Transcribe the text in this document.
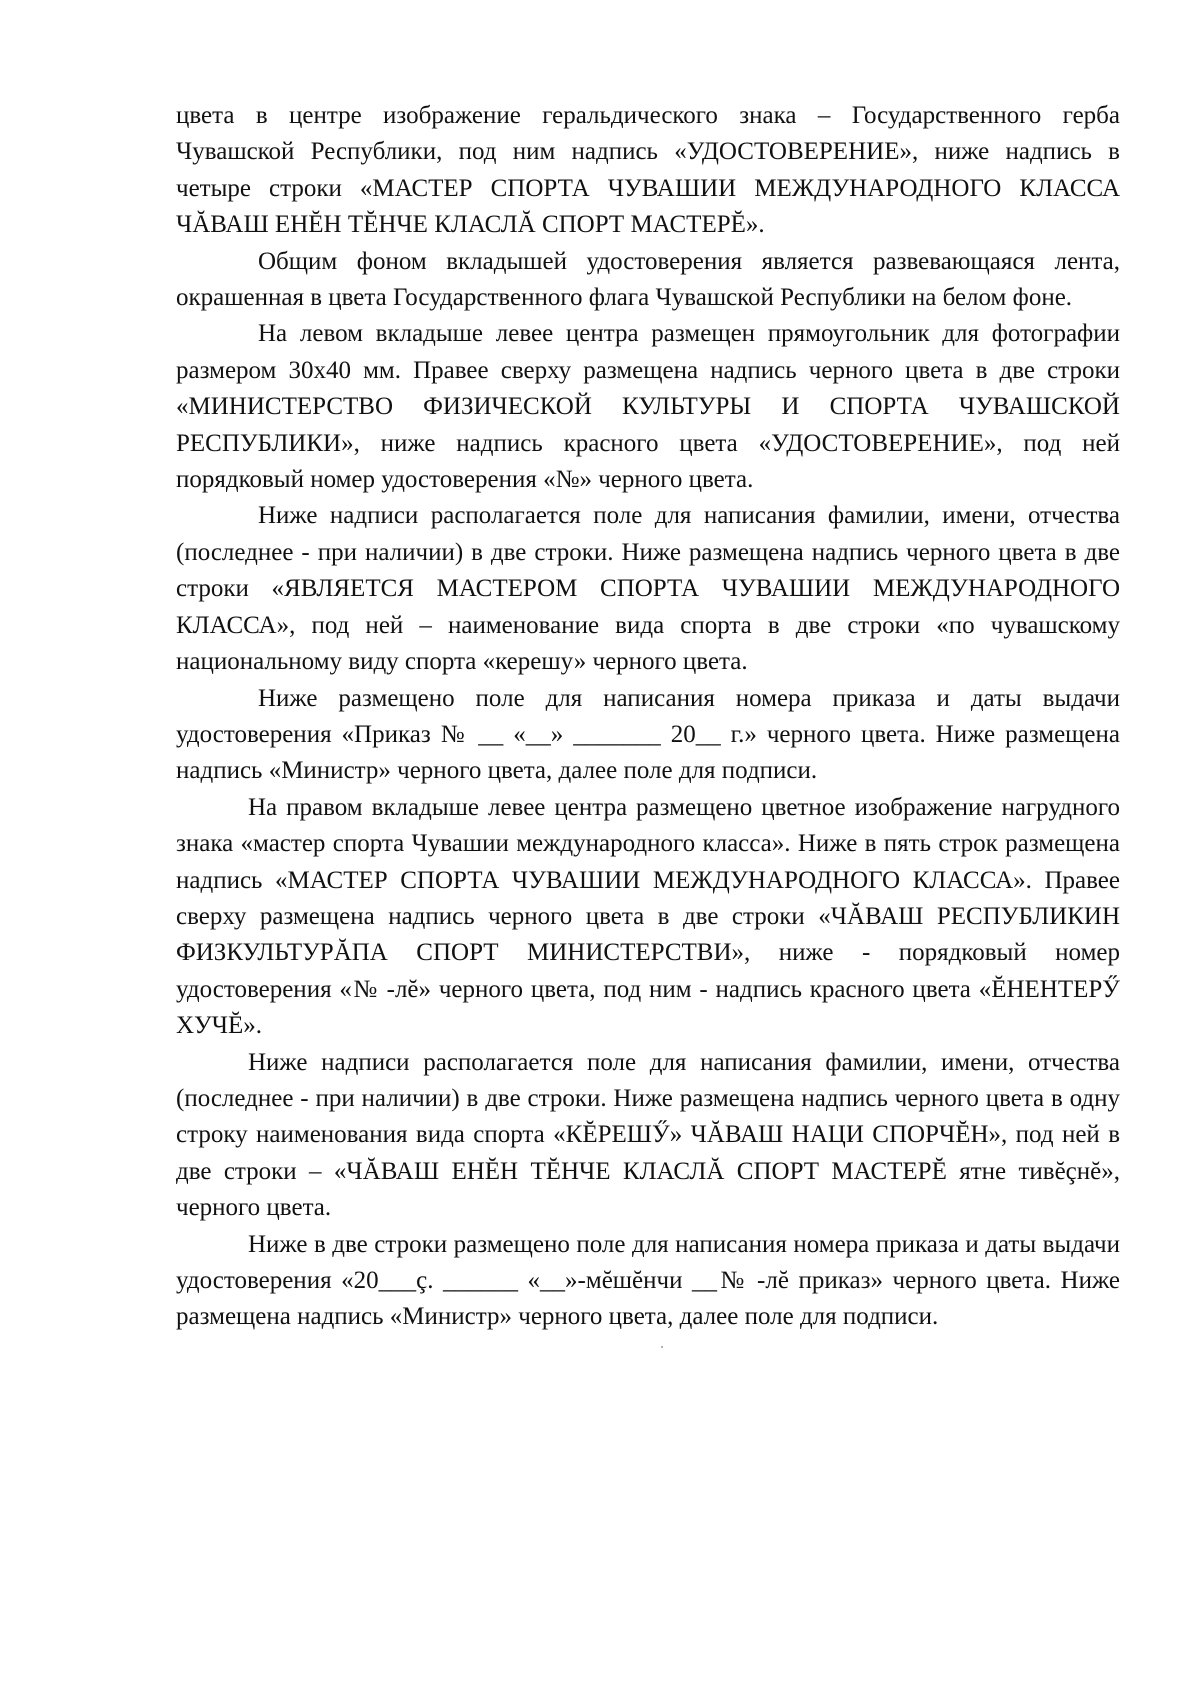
цвета в центре изображение геральдического знака – Государственного герба Чувашской Республики, под ним надпись «УДОСТОВЕРЕНИЕ», ниже надпись в четыре строки «МАСТЕР СПОРТА ЧУВАШИИ МЕЖДУНАРОДНОГО КЛАССА ЧĂВАШ ЕНĔН ТĔНЧЕ КЛАСЛĂ СПОРТ МАСТЕРĔ».

Общим фоном вкладышей удостоверения является развевающаяся лента, окрашенная в цвета Государственного флага Чувашской Республики на белом фоне.

На левом вкладыше левее центра размещен прямоугольник для фотографии размером 30х40 мм. Правее сверху размещена надпись черного цвета в две строки «МИНИСТЕРСТВО ФИЗИЧЕСКОЙ КУЛЬТУРЫ И СПОРТА ЧУВАШСКОЙ РЕСПУБЛИКИ», ниже надпись красного цвета «УДОСТОВЕРЕНИЕ», под ней порядковый номер удостоверения «№» черного цвета.

Ниже надписи располагается поле для написания фамилии, имени, отчества (последнее - при наличии) в две строки. Ниже размещена надпись черного цвета в две строки «ЯВЛЯЕТСЯ МАСТЕРОМ СПОРТА ЧУВАШИИ МЕЖДУНАРОДНОГО КЛАССА», под ней – наименование вида спорта в две строки «по чувашскому национальному виду спорта «керешу» черного цвета.

Ниже размещено поле для написания номера приказа и даты выдачи удостоверения «Приказ № __ «__» _______ 20__ г.» черного цвета. Ниже размещена надпись «Министр» черного цвета, далее поле для подписи.

На правом вкладыше левее центра размещено цветное изображение нагрудного знака «мастер спорта Чувашии международного класса». Ниже в пять строк размещена надпись «МАСТЕР СПОРТА ЧУВАШИИ МЕЖДУНАРОДНОГО КЛАССА». Правее сверху размещена надпись черного цвета в две строки «ЧĂВАШ РЕСПУБЛИКИН ФИЗКУЛЬТУРĂПА СПОРТ МИНИСТЕРСТВИ», ниже - порядковый номер удостоверения «№ -лĕ» черного цвета, под ним - надпись красного цвета «ĔНЕНТЕРӲ ХУЧĔ».

Ниже надписи располагается поле для написания фамилии, имени, отчества (последнее - при наличии) в две строки. Ниже размещена надпись черного цвета в одну строку наименования вида спорта «КĔРЕШӲ» ЧĂВАШ НАЦИ СПОРЧĔН», под ней в две строки – «ЧĂВАШ ЕНĔН ТĔНЧЕ КЛАСЛĂ СПОРТ МАСТЕРĔ ятне тивĕçнĕ», черного цвета.

Ниже в две строки размещено поле для написания номера приказа и даты выдачи удостоверения «20___ç. ______ «__»-мĕшĕнчи __№ -лĕ приказ» черного цвета. Ниже размещена надпись «Министр» черного цвета, далее поле для подписи.
